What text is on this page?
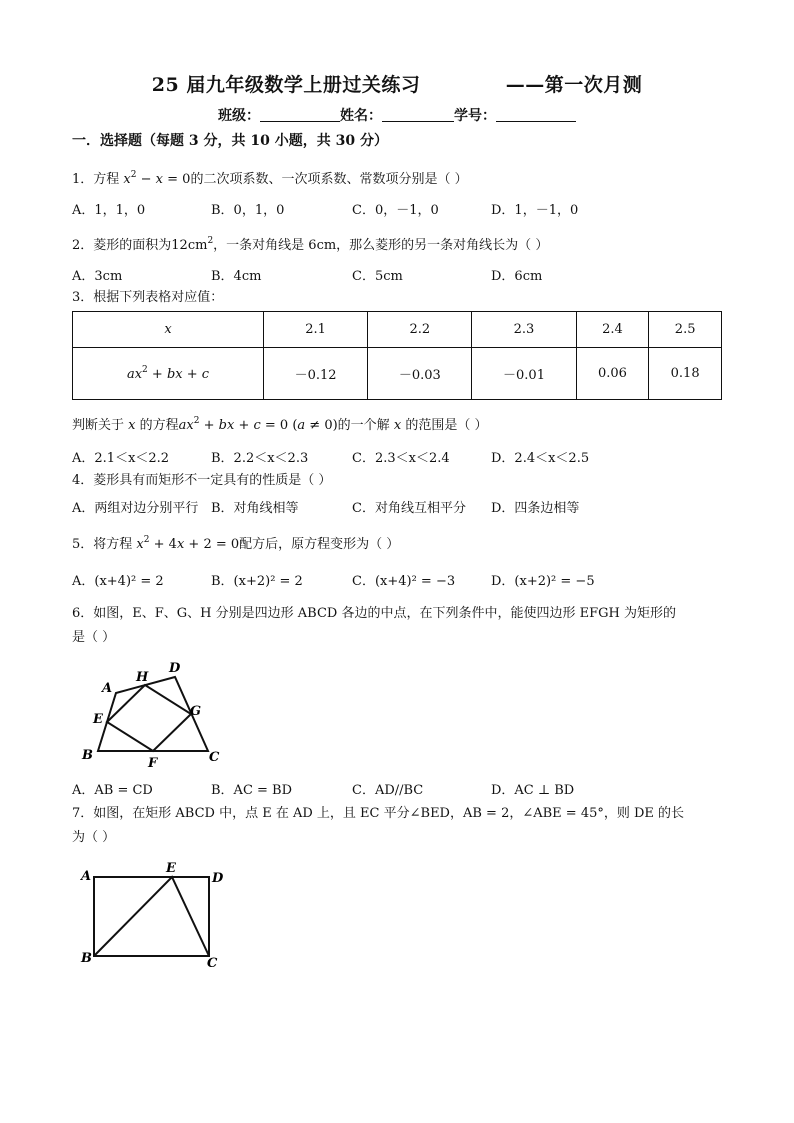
25 届九年级数学上册过关练习            ——第一次月测
班级：	姓名：	学号：
一．选择题（每题 3 分，共 10 小题，共 30 分）
1．方程 $x^2 - x = 0$的二次项系数、一次项系数、常数项分别是（ ）
A．1，1，0	B．0，1，0	C．0，－1，0	D．1，－1，0
2．菱形的面积为$12cm^2$，一条对角线是 6cm，那么菱形的另一条对角线长为（ ）
A．3cm	B．4cm	C．5cm	D．6cm
3．根据下列表格对应值：
x	2.1	2.2	2.3	2.4	2.5
$ax^2$ + bx + c	－0.12	－0.03	－0.01	0.06	0.18
判断关于 x 的方程$ax^2$ + bx + c = 0 (a ≠ 0)的一个解 x 的范围是（ ）
A．2.1＜x＜2.2	B．2.2＜x＜2.3	C．2.3＜x＜2.4	D．2.4＜x＜2.5
4．菱形具有而矩形不一定具有的性质是（ ）
A．两组对边分别平行 B．对角线相等	C．对角线互相平分 D．四条边相等
5．将方程 $x^2 + 4x + 2 = 0$配方后，原方程变形为（ ）
A．(x+4)² = 2	B．(x+2)² = 2	C．(x+4)² = −3	D．(x+2)² = −5
6．如图，E、F、G、H 分别是四边形 ABCD 各边的中点，在下列条件中，能使四边形 EFGH 为矩形的
是（ ）
A
B	C
D
E
F
G
H
A．AB = CD	B．AC = BD	C．AD//BC	D．AC ⊥ BD
7．如图，在矩形 ABCD 中，点 E 在 AD 上，且 EC 平分∠BED，AB = 2，∠ABE = 45°，则 DE 的长
为（ ）
A
B	C
D
E
